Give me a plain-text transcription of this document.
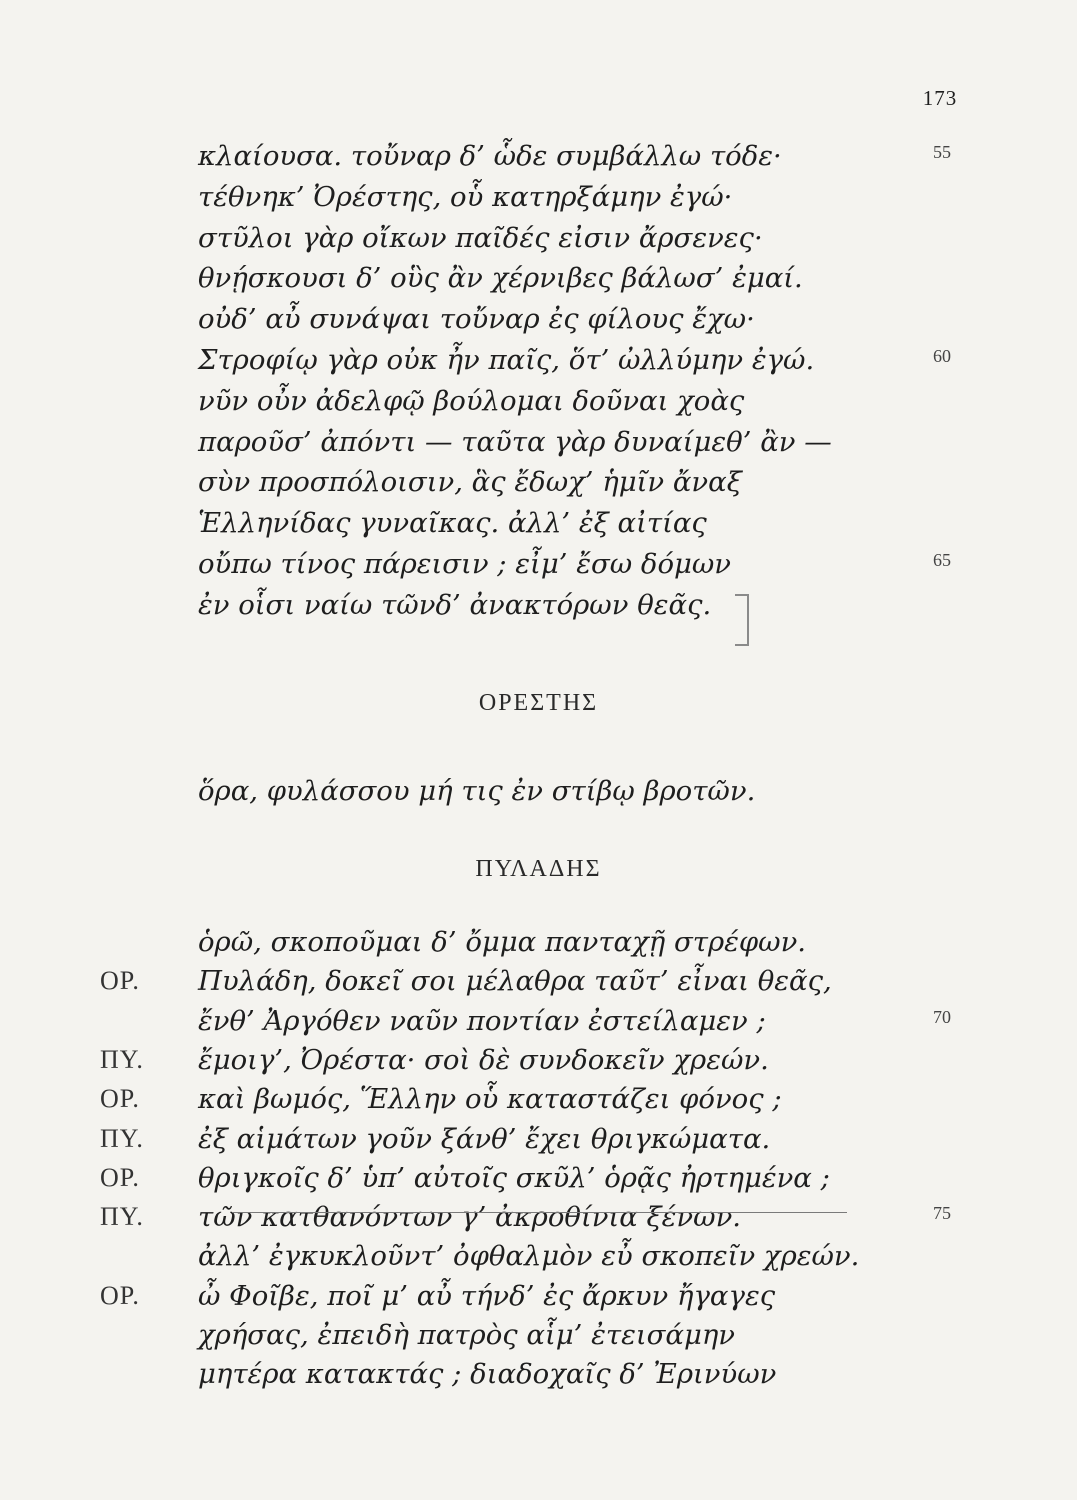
173
κλαίουσα. τοὔναρ δ’ ὧδε συμβάλλω τόδε·	55
τέθνηκ’ Ὀρέστης, οὗ κατηρξάμην ἐγώ·
στῦλοι γὰρ οἴκων παῖδές εἰσιν ἄρσενες·
θνῄσκουσι δ’ οὓς ἂν χέρνιβες βάλωσ’ ἐμαί.
οὐδ’ αὖ συνάψαι τοὔναρ ἐς φίλους ἔχω·
Στροφίῳ γὰρ οὐκ ἦν παῖς, ὅτ’ ὠλλύμην ἐγώ.	60
νῦν οὖν ἀδελφῷ βούλομαι δοῦναι χοὰς
παροῦσ’ ἀπόντι — ταῦτα γὰρ δυναίμεθ’ ἂν —
σὺν προσπόλοισιν, ἃς ἔδωχ’ ἡμῖν ἄναξ
Ἑλληνίδας γυναῖκας. ἀλλ’ ἐξ αἰτίας
οὔπω τίνος πάρεισιν ; εἶμ’ ἔσω δόμων	65
ἐν οἷσι ναίω τῶνδ’ ἀνακτόρων θεᾶς.
ΟΡΕΣΤΗΣ
ὅρα, φυλάσσου μή τις ἐν στίβῳ βροτῶν.
ΠΥΛΑΔΗΣ
ὁρῶ, σκοποῦμαι δ’ ὄμμα πανταχῇ στρέφων.
ΟΡ. Πυλάδη, δοκεῖ σοι μέλαθρα ταῦτ’ εἶναι θεᾶς,
ἔνθ’ Ἀργόθεν ναῦν ποντίαν ἐστείλαμεν ;	70
ΠΥ. ἔμοιγ’, Ὀρέστα· σοὶ δὲ συνδοκεῖν χρεών.
ΟΡ. καὶ βωμός, Ἕλλην οὗ καταστάζει φόνος ;
ΠΥ. ἐξ αἱμάτων γοῦν ξάνθ’ ἔχει θριγκώματα.
ΟΡ. θριγκοῖς δ’ ὑπ’ αὐτοῖς σκῦλ’ ὁρᾷς ἠρτημένα ;
ΠΥ. τῶν κατθανόντων γ’ ἀκροθίνια ξένων.	75
ἀλλ’ ἐγκυκλοῦντ’ ὀφθαλμὸν εὖ σκοπεῖν χρεών.
ΟΡ. ὦ Φοῖβε, ποῖ μ’ αὖ τήνδ’ ἐς ἄρκυν ἤγαγες
χρήσας, ἐπειδὴ πατρὸς αἷμ’ ἐτεισάμην
μητέρα κατακτάς ; διαδοχαῖς δ’ Ἐρινύων
